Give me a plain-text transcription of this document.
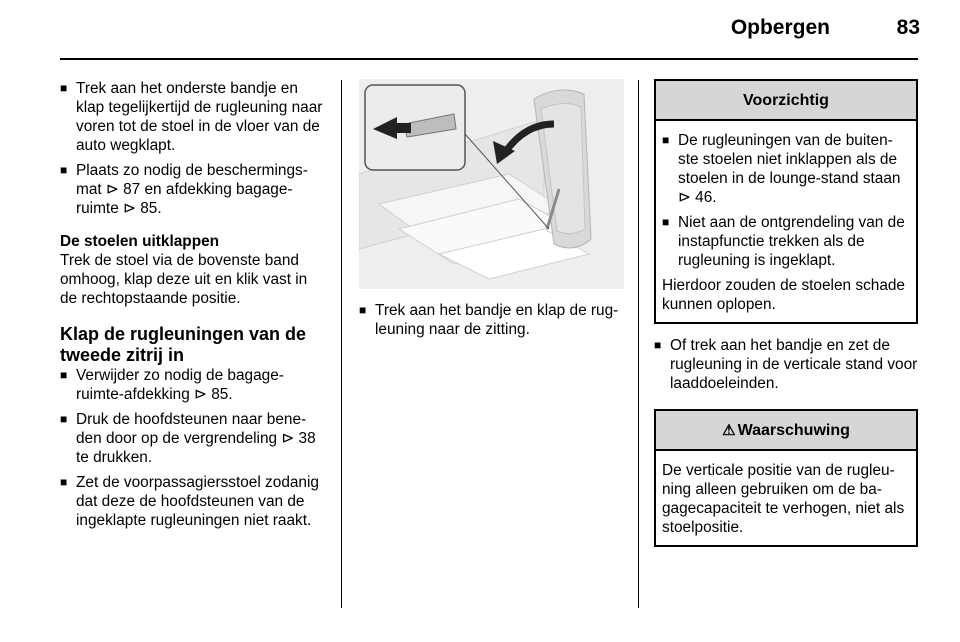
Opbergen	83
■ Trek aan het onderste bandje en klap tegelijkertijd de rugleuning naar voren tot de stoel in de vloer van de auto wegklapt.
■ Plaats zo nodig de beschermingsmat ⊳ 87 en afdekking bagageruimte ⊳ 85.
De stoelen uitklappen
Trek de stoel via de bovenste band omhoog, klap deze uit en klik vast in de rechtopstaande positie.
Klap de rugleuningen van de tweede zitrij in
■ Verwijder zo nodig de bagageruimte-afdekking ⊳ 85.
■ Druk de hoofdsteunen naar beneden door op de vergrendeling ⊳ 38 te drukken.
■ Zet de voorpassagiersstoel zodanig dat deze de hoofdsteunen van de ingeklapte rugleuningen niet raakt.
■ Trek aan het bandje en klap de rugleuning naar de zitting.
Voorzichtig
■ De rugleuningen van de buitenste stoelen niet inklappen als de stoelen in de lounge-stand staan ⊳ 46.
■ Niet aan de ontgrendeling van de instapfunctie trekken als de rugleuning is ingeklapt.
Hierdoor zouden de stoelen schade kunnen oplopen.
■ Of trek aan het bandje en zet de rugleuning in de verticale stand voor laaddoeleinden.
⚠ Waarschuwing
De verticale positie van de rugleuning alleen gebruiken om de bagagecapaciteit te verhogen, niet als stoelpositie.
